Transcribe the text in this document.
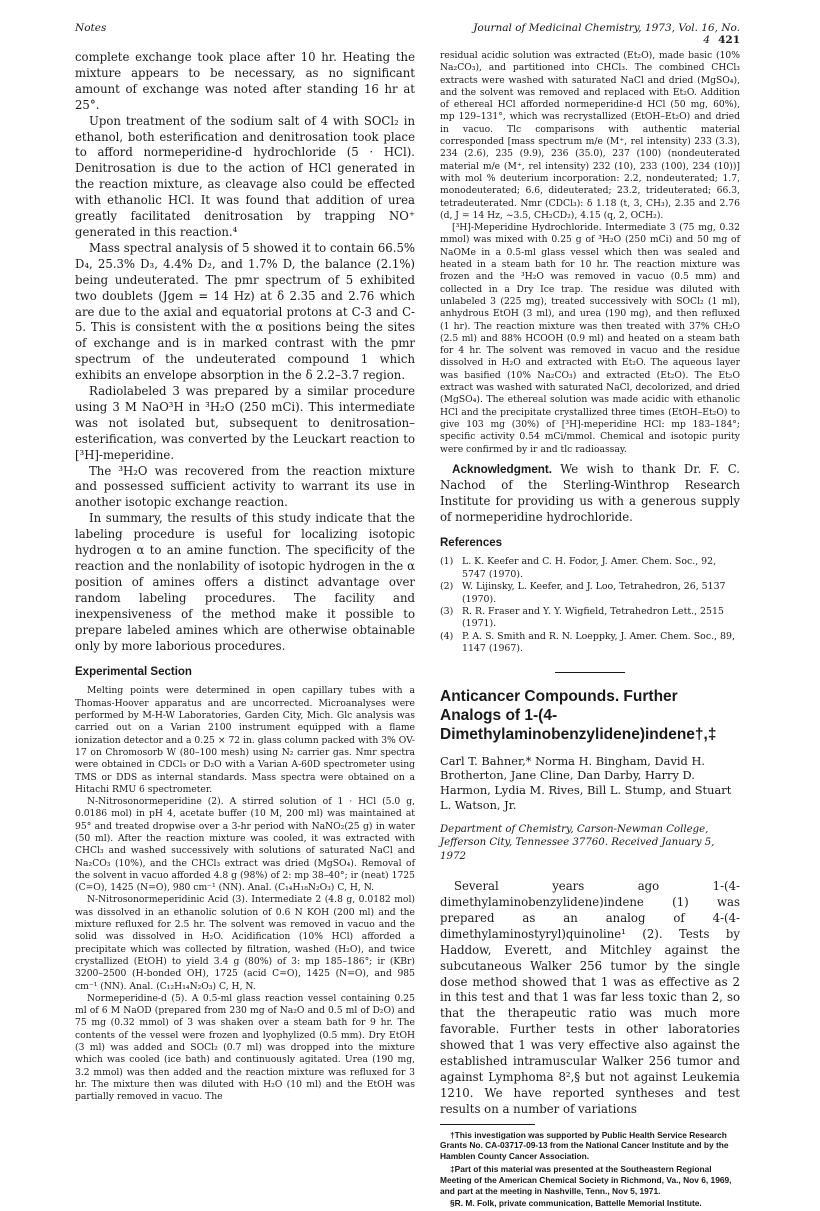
Notes	Journal of Medicinal Chemistry, 1973, Vol. 16, No. 4 421

complete exchange took place after 10 hr. Heating the mixture appears to be necessary, as no significant amount of exchange was noted after standing 16 hr at 25°.

Upon treatment of the sodium salt of 4 with SOCl₂ in ethanol, both esterification and denitrosation took place to afford normeperidine-d hydrochloride (5 · HCl). Denitrosation is due to the action of HCl generated in the reaction mixture, as cleavage also could be effected with ethanolic HCl. It was found that addition of urea greatly facilitated denitrosation by trapping NO⁺ generated in this reaction.⁴

Mass spectral analysis of 5 showed it to contain 66.5% D₄, 25.3% D₃, 4.4% D₂, and 1.7% D, the balance (2.1%) being undeuterated. The pmr spectrum of 5 exhibited two doublets (Jgem = 14 Hz) at δ 2.35 and 2.76 which are due to the axial and equatorial protons at C-3 and C-5. This is consistent with the α positions being the sites of exchange and is in marked contrast with the pmr spectrum of the undeuterated compound 1 which exhibits an envelope absorption in the δ 2.2–3.7 region.

Radiolabeled 3 was prepared by a similar procedure using 3 M NaO³H in ³H₂O (250 mCi). This intermediate was not isolated but, subsequent to denitrosation–esterification, was converted by the Leuckart reaction to [³H]-meperidine.

The ³H₂O was recovered from the reaction mixture and possessed sufficient activity to warrant its use in another isotopic exchange reaction.

In summary, the results of this study indicate that the labeling procedure is useful for localizing isotopic hydrogen α to an amine function. The specificity of the reaction and the nonlability of isotopic hydrogen in the α position of amines offers a distinct advantage over random labeling procedures. The facility and inexpensiveness of the method make it possible to prepare labeled amines which are otherwise obtainable only by more laborious procedures.

Experimental Section

Melting points were determined in open capillary tubes with a Thomas-Hoover apparatus and are uncorrected. Microanalyses were performed by M-H-W Laboratories, Garden City, Mich. Glc analysis was carried out on a Varian 2100 instrument equipped with a flame ionization detector and a 0.25 × 72 in. glass column packed with 3% OV-17 on Chromosorb W (80–100 mesh) using N₂ carrier gas. Nmr spectra were obtained in CDCl₃ or D₂O with a Varian A-60D spectrometer using TMS or DDS as internal standards. Mass spectra were obtained on a Hitachi RMU 6 spectrometer.

N-Nitrosonormeperidine (2). A stirred solution of 1 · HCl (5.0 g, 0.0186 mol) in pH 4, acetate buffer (10 M, 200 ml) was maintained at 95° and treated dropwise over a 3-hr period with NaNO₂(25 g) in water (50 ml). After the reaction mixture was cooled, it was extracted with CHCl₃ and washed successively with solutions of saturated NaCl and Na₂CO₃ (10%), and the CHCl₃ extract was dried (MgSO₄). Removal of the solvent in vacuo afforded 4.8 g (98%) of 2: mp 38–40°; ir (neat) 1725 (C=O), 1425 (N=O), 980 cm⁻¹ (NN). Anal. (C₁₄H₁₈N₂O₃) C, H, N.

N-Nitrosonormeperidinic Acid (3). Intermediate 2 (4.8 g, 0.0182 mol) was dissolved in an ethanolic solution of 0.6 N KOH (200 ml) and the mixture refluxed for 2.5 hr. The solvent was removed in vacuo and the solid was dissolved in H₂O. Acidification (10% HCl) afforded a precipitate which was collected by filtration, washed (H₂O), and twice crystallized (EtOH) to yield 3.4 g (80%) of 3: mp 185–186°; ir (KBr) 3200–2500 (H-bonded OH), 1725 (acid C=O), 1425 (N=O), and 985 cm⁻¹ (NN). Anal. (C₁₂H₁₄N₂O₃) C, H, N.

Normeperidine-d (5). A 0.5-ml glass reaction vessel containing 0.25 ml of 6 M NaOD (prepared from 230 mg of Na₂O and 0.5 ml of D₂O) and 75 mg (0.32 mmol) of 3 was shaken over a steam bath for 9 hr. The contents of the vessel were frozen and lyophylized (0.5 mm). Dry EtOH (3 ml) was added and SOCl₂ (0.7 ml) was dropped into the mixture which was cooled (ice bath) and continuously agitated. Urea (190 mg, 3.2 mmol) was then added and the reaction mixture was refluxed for 3 hr. The mixture then was diluted with H₂O (10 ml) and the EtOH was partially removed in vacuo. The

residual acidic solution was extracted (Et₂O), made basic (10% Na₂CO₃), and partitioned into CHCl₃. The combined CHCl₃ extracts were washed with saturated NaCl and dried (MgSO₄), and the solvent was removed and replaced with Et₂O. Addition of ethereal HCl afforded normeperidine-d HCl (50 mg, 60%), mp 129–131°, which was recrystallized (EtOH–Et₂O) and dried in vacuo. Tlc comparisons with authentic material corresponded [mass spectrum m/e (M⁺, rel intensity) 233 (3.3), 234 (2.6), 235 (9.9), 236 (35.0), 237 (100) (nondeuterated material m/e (M⁺, rel intensity) 232 (10), 233 (100), 234 (10))] with mol % deuterium incorporation: 2.2, nondeuterated; 1.7, monodeuterated; 6.6, dideuterated; 23.2, trideuterated; 66.3, tetradeuterated. Nmr (CDCl₃): δ 1.18 (t, 3, CH₃), 2.35 and 2.76 (d, J = 14 Hz, ~3.5, CH₂CD₂), 4.15 (q, 2, OCH₂).

[³H]-Meperidine Hydrochloride. Intermediate 3 (75 mg, 0.32 mmol) was mixed with 0.25 g of ³H₂O (250 mCi) and 50 mg of NaOMe in a 0.5-ml glass vessel which then was sealed and heated in a steam bath for 10 hr. The reaction mixture was frozen and the ³H₂O was removed in vacuo (0.5 mm) and collected in a Dry Ice trap. The residue was diluted with unlabeled 3 (225 mg), treated successively with SOCl₂ (1 ml), anhydrous EtOH (3 ml), and urea (190 mg), and then refluxed (1 hr). The reaction mixture was then treated with 37% CH₂O (2.5 ml) and 88% HCOOH (0.9 ml) and heated on a steam bath for 4 hr. The solvent was removed in vacuo and the residue dissolved in H₂O and extracted with Et₂O. The aqueous layer was basified (10% Na₂CO₃) and extracted (Et₂O). The Et₂O extract was washed with saturated NaCl, decolorized, and dried (MgSO₄). The ethereal solution was made acidic with ethanolic HCl and the precipitate crystallized three times (EtOH–Et₂O) to give 103 mg (30%) of [³H]-meperidine HCl: mp 183–184°; specific activity 0.54 mCi/mmol. Chemical and isotopic purity were confirmed by ir and tlc radioassay.

Acknowledgment. We wish to thank Dr. F. C. Nachod of the Sterling-Winthrop Research Institute for providing us with a generous supply of normeperidine hydrochloride.

References
(1) L. K. Keefer and C. H. Fodor, J. Amer. Chem. Soc., 92, 5747 (1970).
(2) W. Lijinsky, L. Keefer, and J. Loo, Tetrahedron, 26, 5137 (1970).
(3) R. R. Fraser and Y. Y. Wigfield, Tetrahedron Lett., 2515 (1971).
(4) P. A. S. Smith and R. N. Loeppky, J. Amer. Chem. Soc., 89, 1147 (1967).
Anticancer Compounds. Further Analogs of 1-(4-Dimethylaminobenzylidene)indene†,‡
Carl T. Bahner,* Norma H. Bingham, David H. Brotherton, Jane Cline, Dan Darby, Harry D. Harmon, Lydia M. Rives, Bill L. Stump, and Stuart L. Watson, Jr.
Department of Chemistry, Carson-Newman College, Jefferson City, Tennessee 37760. Received January 5, 1972

Several years ago 1-(4-dimethylaminobenzylidene)indene (1) was prepared as an analog of 4-(4-dimethylaminostyryl)quinoline¹ (2). Tests by Haddow, Everett, and Mitchley against the subcutaneous Walker 256 tumor by the single dose method showed that 1 was as effective as 2 in this test and that 1 was far less toxic than 2, so that the therapeutic ratio was much more favorable. Further tests in other laboratories showed that 1 was very effective also against the established intramuscular Walker 256 tumor and against Lymphoma 8²,§ but not against Leukemia 1210. We have reported syntheses and test results on a number of variations

†This investigation was supported by Public Health Service Research Grants No. CA-03717-09-13 from the National Cancer Institute and by the Hamblen County Cancer Association.

‡Part of this material was presented at the Southeastern Regional Meeting of the American Chemical Society in Richmond, Va., Nov 6, 1969, and part at the meeting in Nashville, Tenn., Nov 5, 1971.

§R. M. Folk, private communication, Battelle Memorial Institute.
